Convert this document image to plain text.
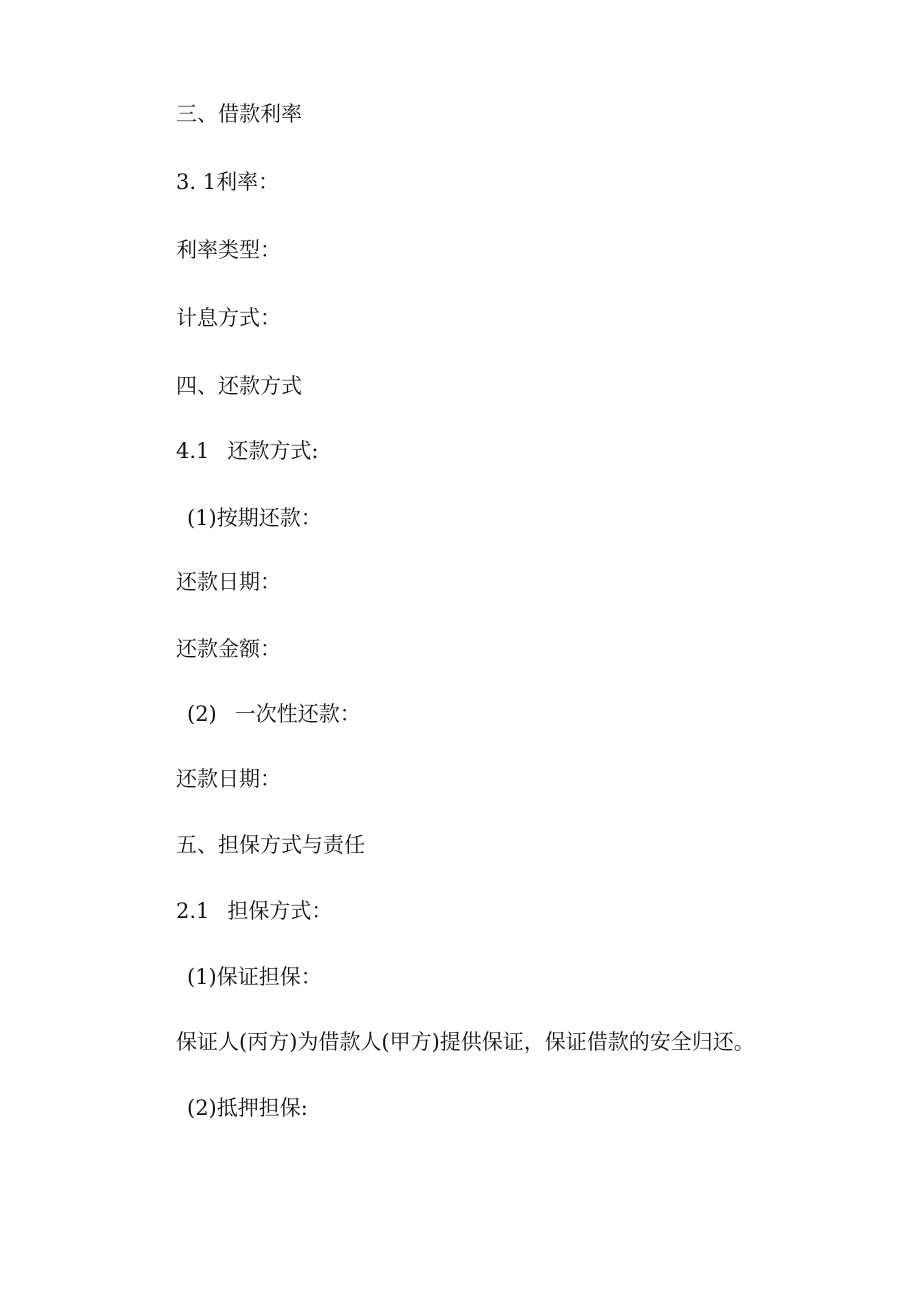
三、借款利率
3. 1利率：
利率类型：
计息方式：
四、还款方式
4.1 还款方式:
(1)按期还款：
还款日期：
还款金额：
(2) 一次性还款：
还款日期：
五、担保方式与责任
2.1 担保方式：
(1)保证担保：
保证人(丙方)为借款人(甲方)提供保证，保证借款的安全归还。
(2)抵押担保:
